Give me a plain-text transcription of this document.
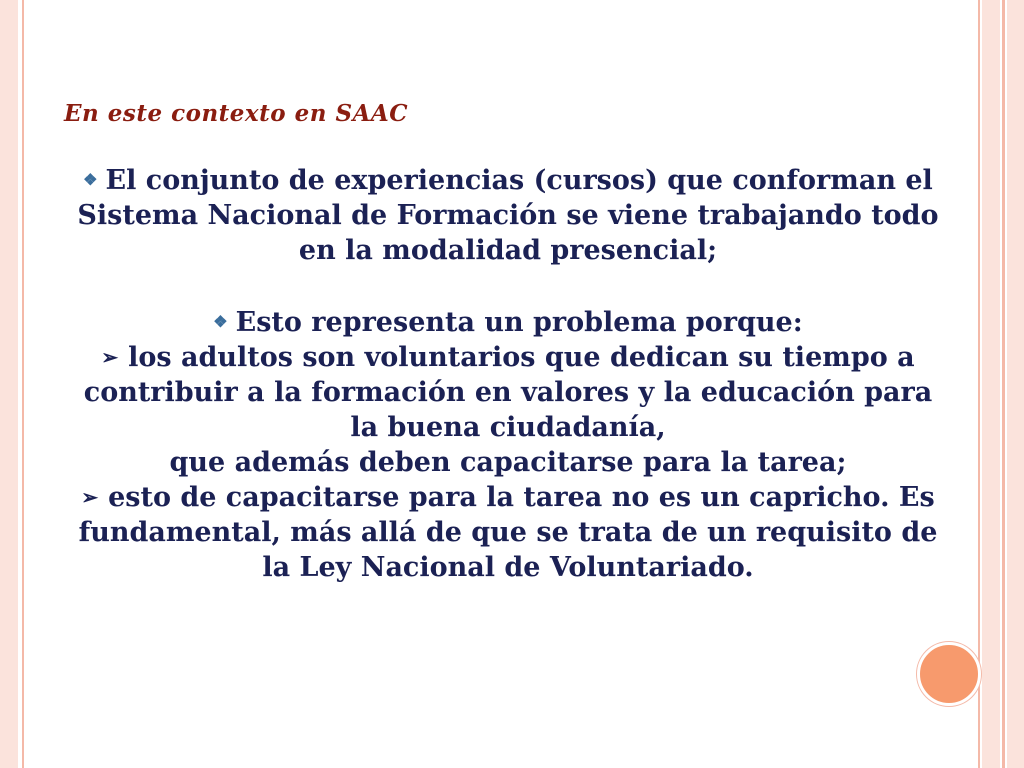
En este contexto en SAAC

❖ El conjunto de experiencias (cursos) que conforman el

Sistema Nacional de Formación se viene trabajando todo en la modalidad presencial;

❖ Esto representa un problema porque:

➢ los adultos son voluntarios que dedican su tiempo a contribuir a la formación en valores y la educación para la buena ciudadanía,

que además deben capacitarse para la tarea;

➢ esto de capacitarse para la tarea no es un capricho. Es fundamental, más allá de que se trata de un requisito de la Ley Nacional de Voluntariado.
